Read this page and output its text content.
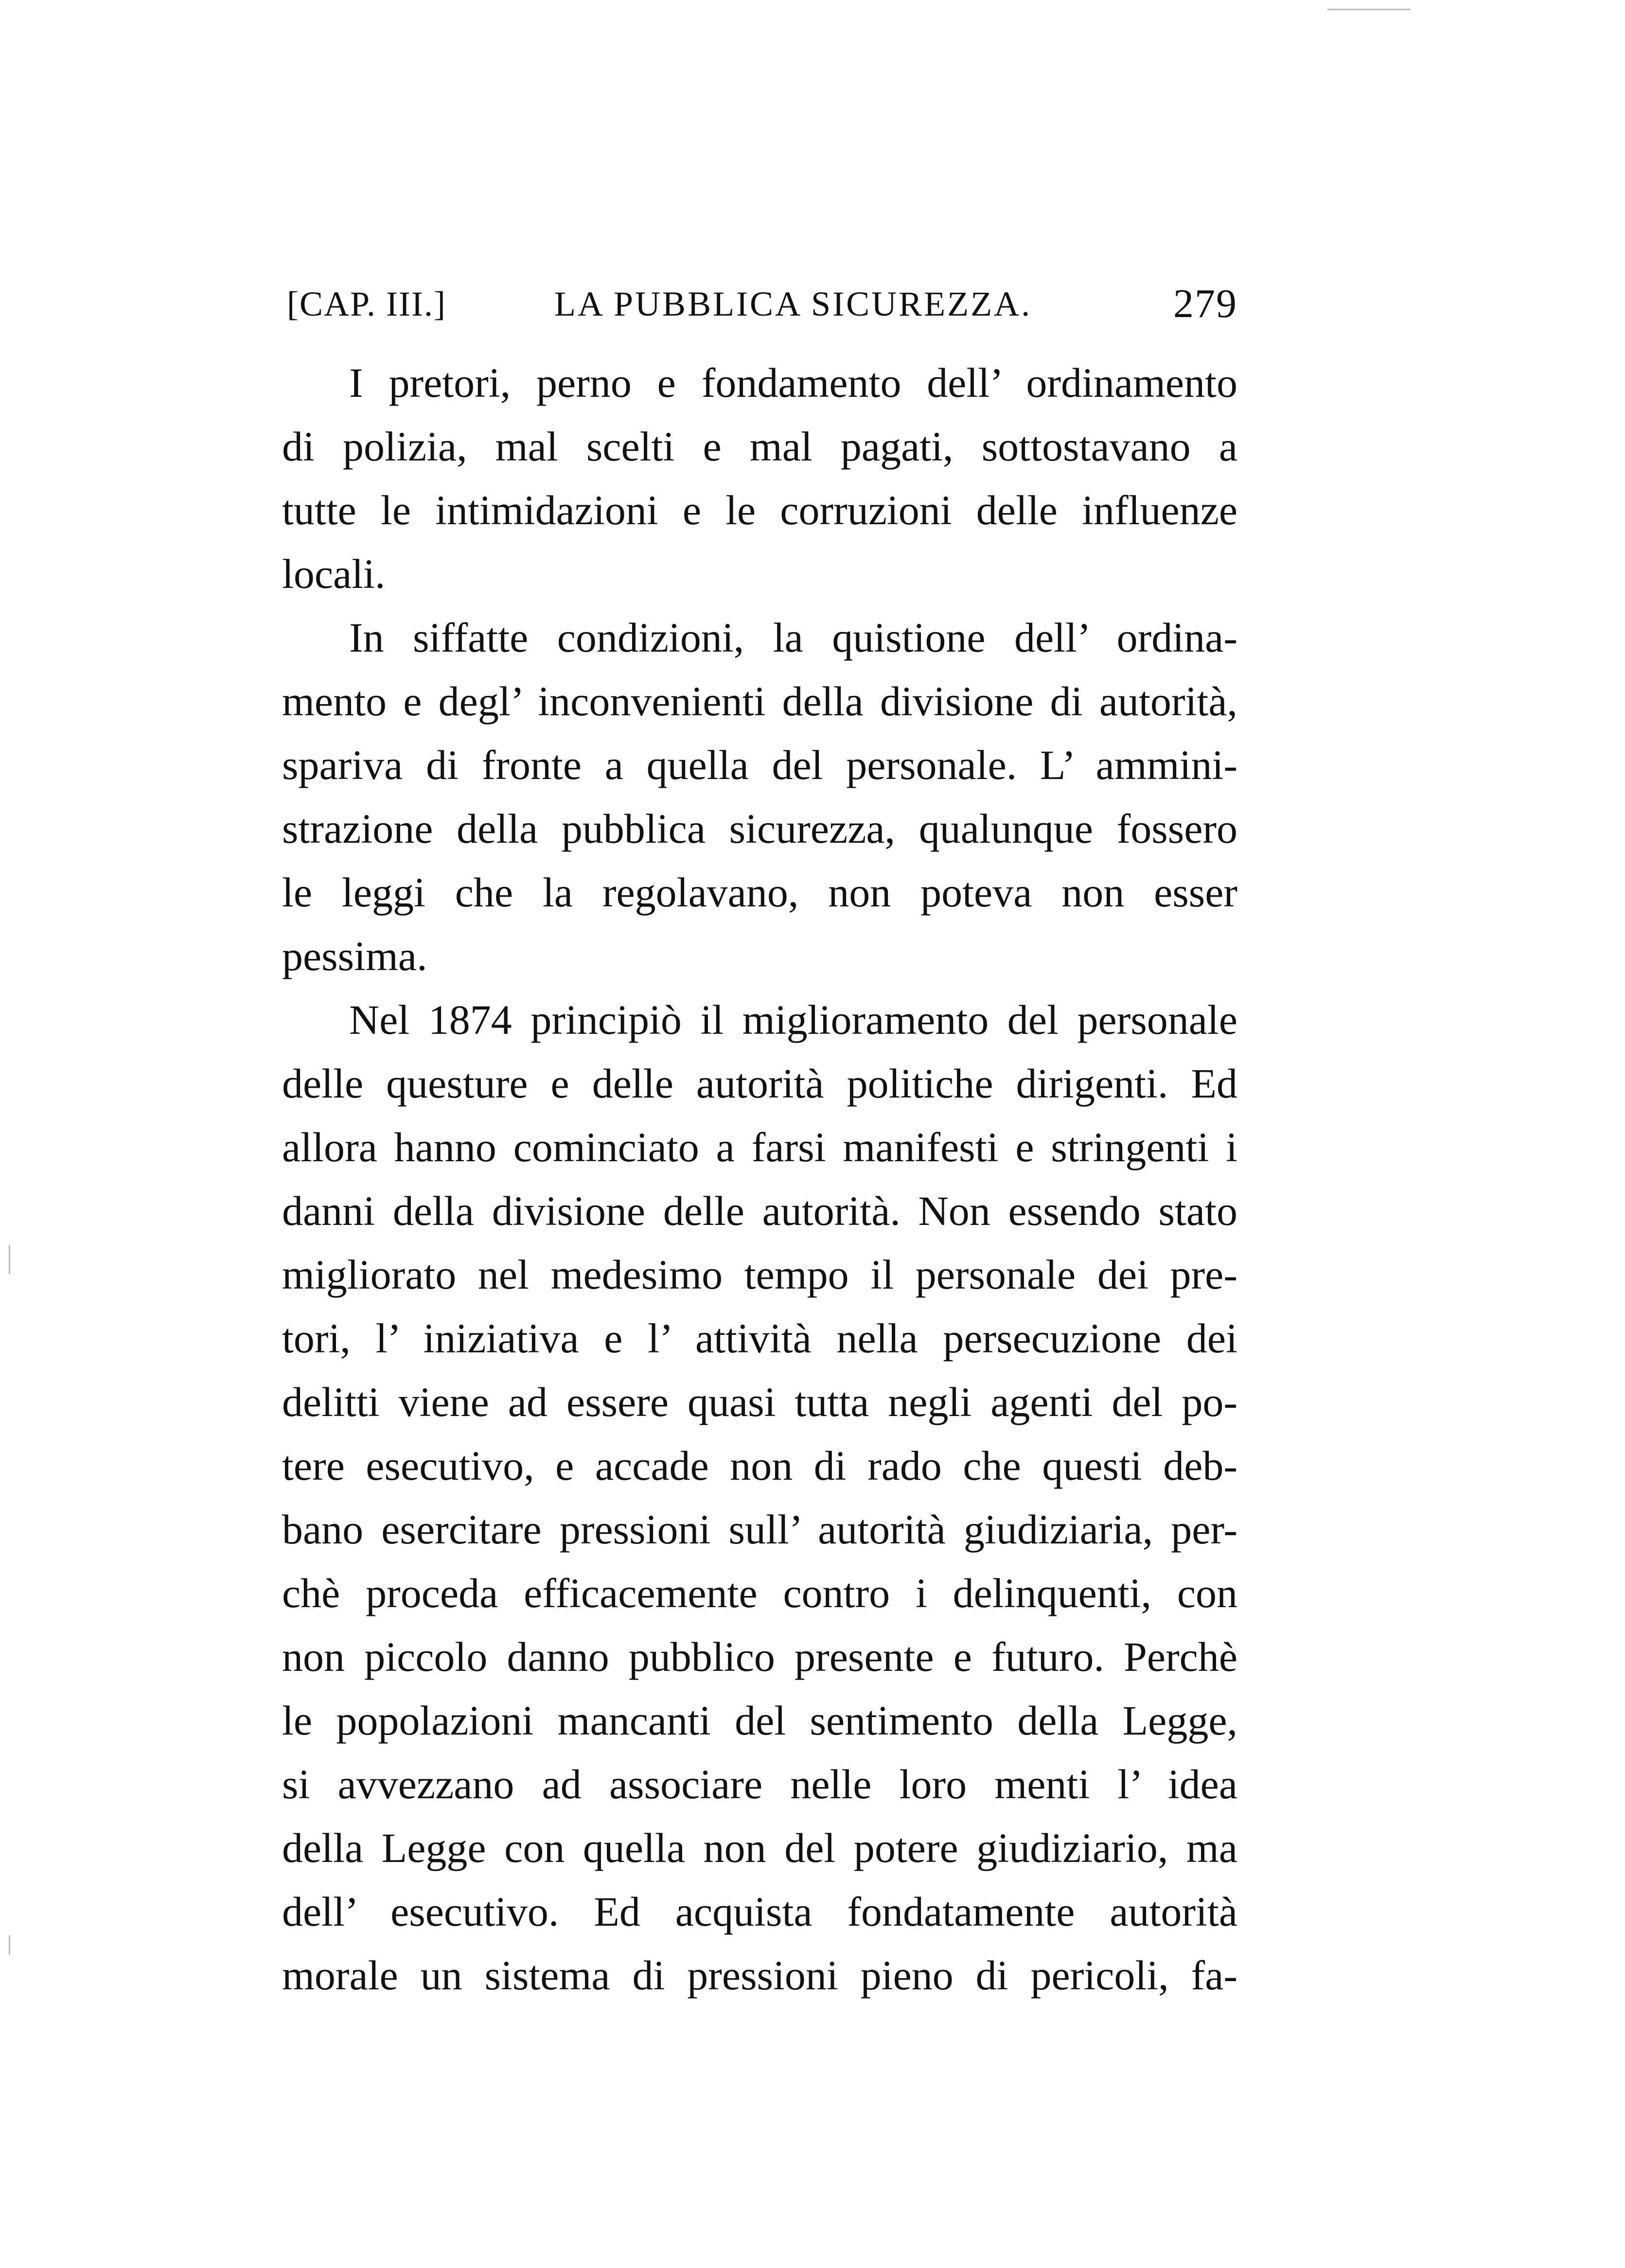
[CAP. III.]	LA PUBBLICA SICUREZZA.	279
I pretori, perno e fondamento dell’ ordinamento
di polizia, mal scelti e mal pagati, sottostavano a
tutte le intimidazioni e le corruzioni delle influenze
locali.
In siffatte condizioni, la quistione dell’ ordina-
mento e degl’ inconvenienti della divisione di autorità,
spariva di fronte a quella del personale. L’ ammini-
strazione della pubblica sicurezza, qualunque fossero
le leggi che la regolavano, non poteva non esser
pessima.
Nel 1874 principiò il miglioramento del personale
delle questure e delle autorità politiche dirigenti. Ed
allora hanno cominciato a farsi manifesti e stringenti i
danni della divisione delle autorità. Non essendo stato
migliorato nel medesimo tempo il personale dei pre-
tori, l’ iniziativa e l’ attività nella persecuzione dei
delitti viene ad essere quasi tutta negli agenti del po-
tere esecutivo, e accade non di rado che questi deb-
bano esercitare pressioni sull’ autorità giudiziaria, per-
chè proceda efficacemente contro i delinquenti, con
non piccolo danno pubblico presente e futuro. Perchè
le popolazioni mancanti del sentimento della Legge,
si avvezzano ad associare nelle loro menti l’ idea
della Legge con quella non del potere giudiziario, ma
dell’ esecutivo. Ed acquista fondatamente autorità
morale un sistema di pressioni pieno di pericoli, fa-
